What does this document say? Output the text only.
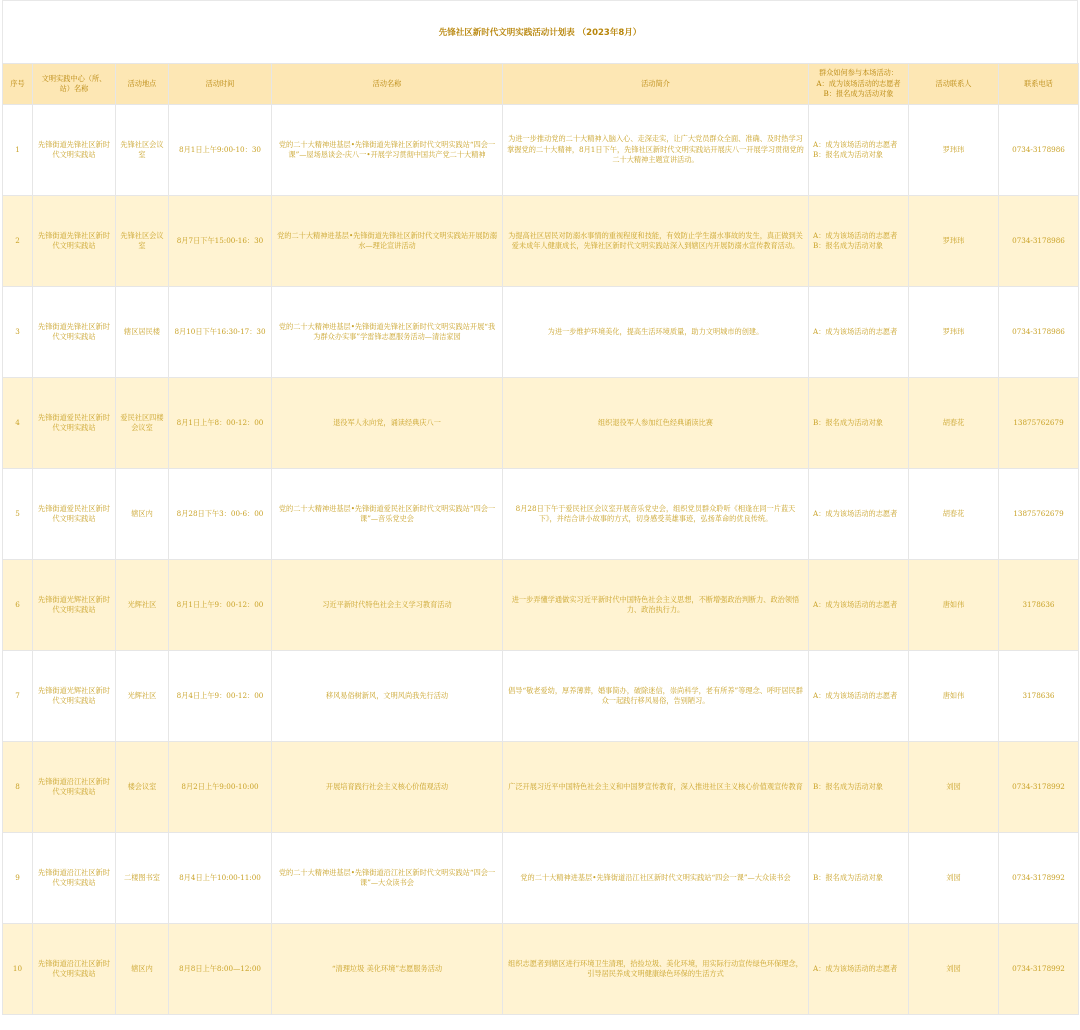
先锋社区新时代文明实践活动计划表 （2023年8月）
序号	文明实践中心（所、站）名称	活动地点	活动时间	活动名称	活动简介	群众如何参与本场活动：A：成为该场活动的志愿者B：报名成为活动对象	活动联系人	联系电话
1	先锋街道先锋社区新时代文明实践站	先锋社区会议室	8月1日上午9:00-10：30	党的二十大精神进基层•先锋街道先锋社区新时代文明实践站“四会一课”—屋场恳谈会-庆八一•开展学习贯彻中国共产党二十大精神	为进一步推动党的二十大精神入脑入心、走深走实，让广大党员群众全面、准确、及时热学习掌握党的二十大精神，8月1日下午，先锋社区新时代文明实践站开展庆八一开展学习贯彻党的二十大精神主题宣讲活动。	A：成为该场活动的志愿者B：报名成为活动对象	罗玮玮	0734-3178986
2	先锋街道先锋社区新时代文明实践站	先锋社区会议室	8月7日下午15:00-16：30	党的二十大精神进基层•先锋街道先锋社区新时代文明实践站开展防溺水—理论宣讲活动	为提高社区居民对防溺水事情的重视程度和技能，有效防止学生溺水事故的发生，真正做到关爱未成年人健康成长，先锋社区新时代文明实践站深入到辖区内开展防溺水宣传教育活动。	A：成为该场活动的志愿者B：报名成为活动对象	罗玮玮	0734-3178986
3	先锋街道先锋社区新时代文明实践站	辖区居民楼	8月10日下午16:30-17：30	党的二十大精神进基层•先锋街道先锋社区新时代文明实践站开展“我为群众办实事”学雷锋志愿服务活动—清洁家园	为进一步维护环境美化，提高生活环境质量，助力文明城市的创建。	A：成为该场活动的志愿者	罗玮玮	0734-3178986
4	先锋街道爱民社区新时代文明实践站	爱民社区四楼会议室	8月1日上午8：00-12：00	退役军人永向党，诵读经典庆八一	组织退役军人参加红色经典诵读比赛	B：报名成为活动对象	胡春花	13875762679
5	先锋街道爱民社区新时代文明实践站	辖区内	8月28日下午3：00-6：00	党的二十大精神进基层•先锋街道爱民社区新时代文明实践站“四会一课”—音乐党史会	8月28日下午于爱民社区会议室开展音乐党史会，组织党员群众聆听《相逢在同一片蓝天下》，并结合讲小故事的方式，切身感受英雄事迹，弘扬革命的优良传统。	A：成为该场活动的志愿者	胡春花	13875762679
6	先锋街道光辉社区新时代文明实践站	光辉社区	8月1日上午9：00-12：00	习近平新时代特色社会主义学习教育活动	进一步弄懂学通做实习近平新时代中国特色社会主义思想，不断增强政治判断力、政治领悟力、政治执行力。	A：成为该场活动的志愿者	唐如伟	3178636
7	先锋街道光辉社区新时代文明实践站	光辉社区	8月4日上午9：00-12：00	移风易俗树新风，文明风尚我先行活动	倡导“敬老爱幼，厚养薄葬，婚事简办，破除迷信，崇尚科学，老有所养”等理念、呼吁居民群众一起践行移风易俗，告别陋习。	A：成为该场活动的志愿者	唐如伟	3178636
8	先锋街道沿江社区新时代文明实践站	楼会议室	8月2日上午9:00-10:00	开展培育践行社会主义核心价值观活动	广泛开展习近平中国特色社会主义和中国梦宣传教育，深入推进社区主义核心价值观宣传教育	B：报名成为活动对象	刘园	0734-3178992
9	先锋街道沿江社区新时代文明实践站	二楼图书室	8月4日上午10:00-11:00	党的二十大精神进基层•先锋街道沿江社区新时代文明实践站“四会一课”—大众读书会	党的二十大精神进基层•先锋街道沿江社区新时代文明实践站“四会一课”—大众读书会	B：报名成为活动对象	刘园	0734-3178992
10	先锋街道沿江社区新时代文明实践站	辖区内	8月8日上午8:00—12:00	“清理垃圾 美化环境”志愿服务活动	组织志愿者到辖区进行环境卫生清理，拾捡垃圾、美化环境，用实际行动宣传绿色环保理念，引导居民养成文明健康绿色环保的生活方式	A：成为该场活动的志愿者	刘园	0734-3178992
